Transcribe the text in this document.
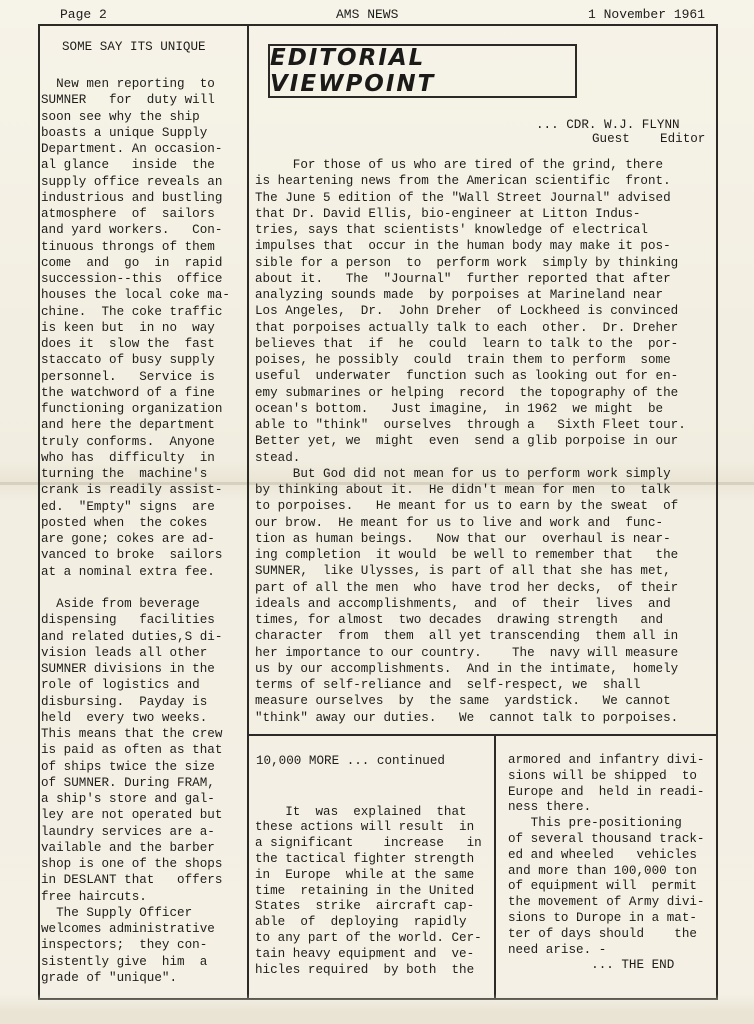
Page 2	AMS NEWS	1 November 1961
SOME SAY ITS UNIQUE
New men reporting  to
SUMNER   for  duty will
soon see why the ship
boasts a unique Supply
Department. An occasion-
al glance   inside  the
supply office reveals an
industrious and bustling
atmosphere  of  sailors
and yard workers.   Con-
tinuous throngs of them
come  and  go  in  rapid
succession--this  office
houses the local coke ma-
chine.  The coke traffic
is keen but  in no  way
does it  slow the  fast
staccato of busy supply
personnel.   Service is
the watchword of a fine
functioning organization
and here the department
truly conforms.  Anyone
who has  difficulty  in
turning the  machine's
crank is readily assist-
ed.  "Empty" signs  are
posted when  the cokes
are gone; cokes are ad-
vanced to broke  sailors
at a nominal extra fee.

Aside from beverage
dispensing   facilities
and related duties,S di-
vision leads all other
SUMNER divisions in the
role of logistics and
disbursing.  Payday is
held  every two weeks.
This means that the crew
is paid as often as that
of ships twice the size
of SUMNER. During FRAM,
a ship's store and gal-
ley are not operated but
laundry services are a-
vailable and the barber
shop is one of the shops
in DESLANT that   offers
free haircuts.
The Supply Officer
welcomes administrative
inspectors;  they con-
sistently give  him  a
grade of "unique".
EDITORIAL VIEWPOINT
... CDR. W.J. FLYNN
Guest    Editor
For those of us who are tired of the grind, there
is heartening news from the American scientific  front.
The June 5 edition of the "Wall Street Journal" advised
that Dr. David Ellis, bio-engineer at Litton Indus-
tries, says that scientists' knowledge of electrical
impulses that  occur in the human body may make it pos-
sible for a person  to  perform work  simply by thinking
about it.   The  "Journal"  further reported that after
analyzing sounds made  by porpoises at Marineland near
Los Angeles,  Dr.  John Dreher  of Lockheed is convinced
that porpoises actually talk to each  other.  Dr. Dreher
believes that  if  he  could  learn to talk to the  por-
poises, he possibly  could  train them to perform  some
useful  underwater  function such as looking out for en-
emy submarines or helping  record  the topography of the
ocean's bottom.   Just imagine,  in 1962  we might  be
able to "think"  ourselves  through a   Sixth Fleet tour.
Better yet, we  might  even  send a glib porpoise in our
stead.
But God did not mean for us to perform work simply
by thinking about it.  He didn't mean for men  to  talk
to porpoises.   He meant for us to earn by the sweat  of
our brow.  He meant for us to live and work and  func-
tion as human beings.   Now that our  overhaul is near-
ing completion  it would  be well to remember that   the
SUMNER,  like Ulysses, is part of all that she has met,
part of all the men  who  have trod her decks,  of their
ideals and accomplishments,  and  of  their  lives  and
times, for almost  two decades  drawing strength   and
character  from  them  all yet transcending  them all in
her importance to our country.    The  navy will measure
us by our accomplishments.  And in the intimate,  homely
terms of self-reliance and  self-respect, we  shall
measure ourselves  by  the same  yardstick.   We cannot
"think" away our duties.   We  cannot talk to porpoises.
10,000 MORE ... continued

It  was  explained  that
these actions will result  in
a significant    increase   in
the tactical fighter strength
in  Europe  while at the same
time  retaining in the United
States  strike  aircraft cap-
able  of  deploying  rapidly
to any part of the world. Cer-
tain heavy equipment and  ve-
hicles required  by both  the
armored and infantry divi-
sions will be shipped  to
Europe and  held in readi-
ness there.
This pre-positioning
of several thousand track-
ed and wheeled   vehicles
and more than 100,000 ton
of equipment will  permit
the movement of Army divi-
sions to Durope in a mat-
ter of days should    the
need arise. -
... THE END
